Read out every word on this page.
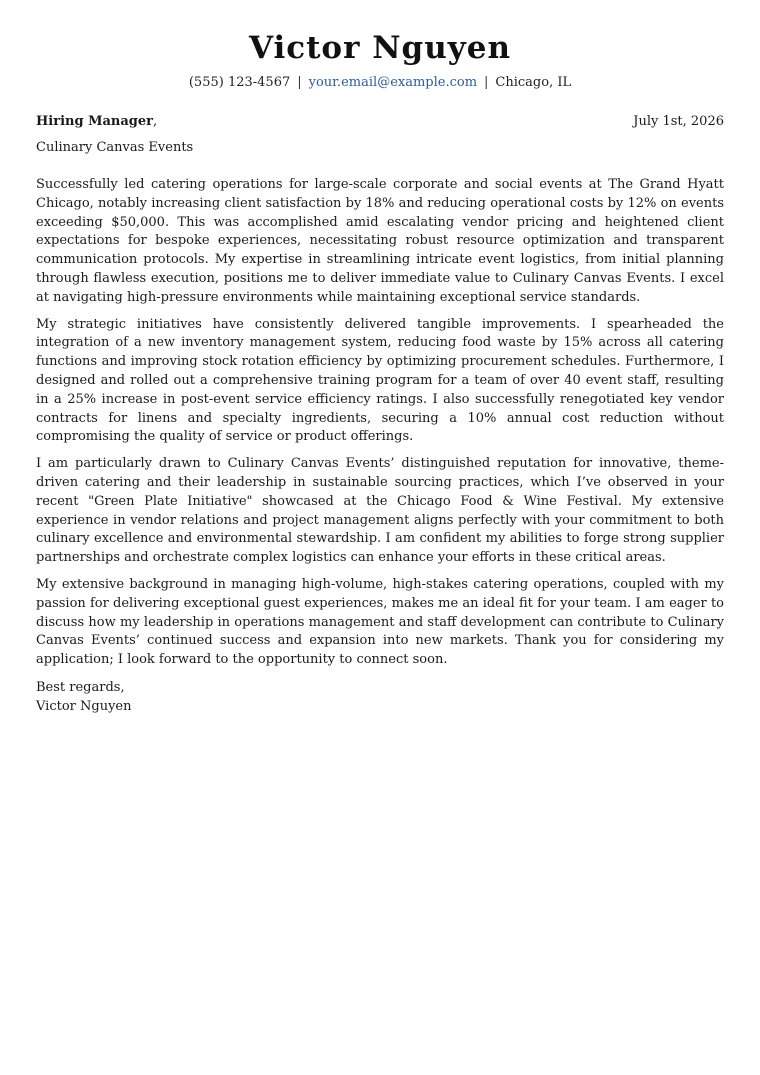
Victor Nguyen
(555) 123-4567 | your.email@example.com | Chicago, IL
Hiring Manager,	July 1st, 2026
Culinary Canvas Events

Successfully led catering operations for large-scale corporate and social events at The Grand Hyatt Chicago, notably increasing client satisfaction by 18% and reducing operational costs by 12% on events exceeding $50,000. This was accomplished amid escalating vendor pricing and heightened client expectations for bespoke experiences, necessitating robust resource optimization and transparent communication protocols. My expertise in streamlining intricate event logistics, from initial planning through flawless execution, positions me to deliver immediate value to Culinary Canvas Events. I excel at navigating high-pressure environments while maintaining exceptional service standards.

My strategic initiatives have consistently delivered tangible improvements. I spearheaded the integration of a new inventory management system, reducing food waste by 15% across all catering functions and improving stock rotation efficiency by optimizing procurement schedules. Furthermore, I designed and rolled out a comprehensive training program for a team of over 40 event staff, resulting in a 25% increase in post-event service efficiency ratings. I also successfully renegotiated key vendor contracts for linens and specialty ingredients, securing a 10% annual cost reduction without compromising the quality of service or product offerings.

I am particularly drawn to Culinary Canvas Events’ distinguished reputation for innovative, theme-driven catering and their leadership in sustainable sourcing practices, which I’ve observed in your recent "Green Plate Initiative" showcased at the Chicago Food & Wine Festival. My extensive experience in vendor relations and project management aligns perfectly with your commitment to both culinary excellence and environmental stewardship. I am confident my abilities to forge strong supplier partnerships and orchestrate complex logistics can enhance your efforts in these critical areas.

My extensive background in managing high-volume, high-stakes catering operations, coupled with my passion for delivering exceptional guest experiences, makes me an ideal fit for your team. I am eager to discuss how my leadership in operations management and staff development can contribute to Culinary Canvas Events’ continued success and expansion into new markets. Thank you for considering my application; I look forward to the opportunity to connect soon.

Best regards,
Victor Nguyen
